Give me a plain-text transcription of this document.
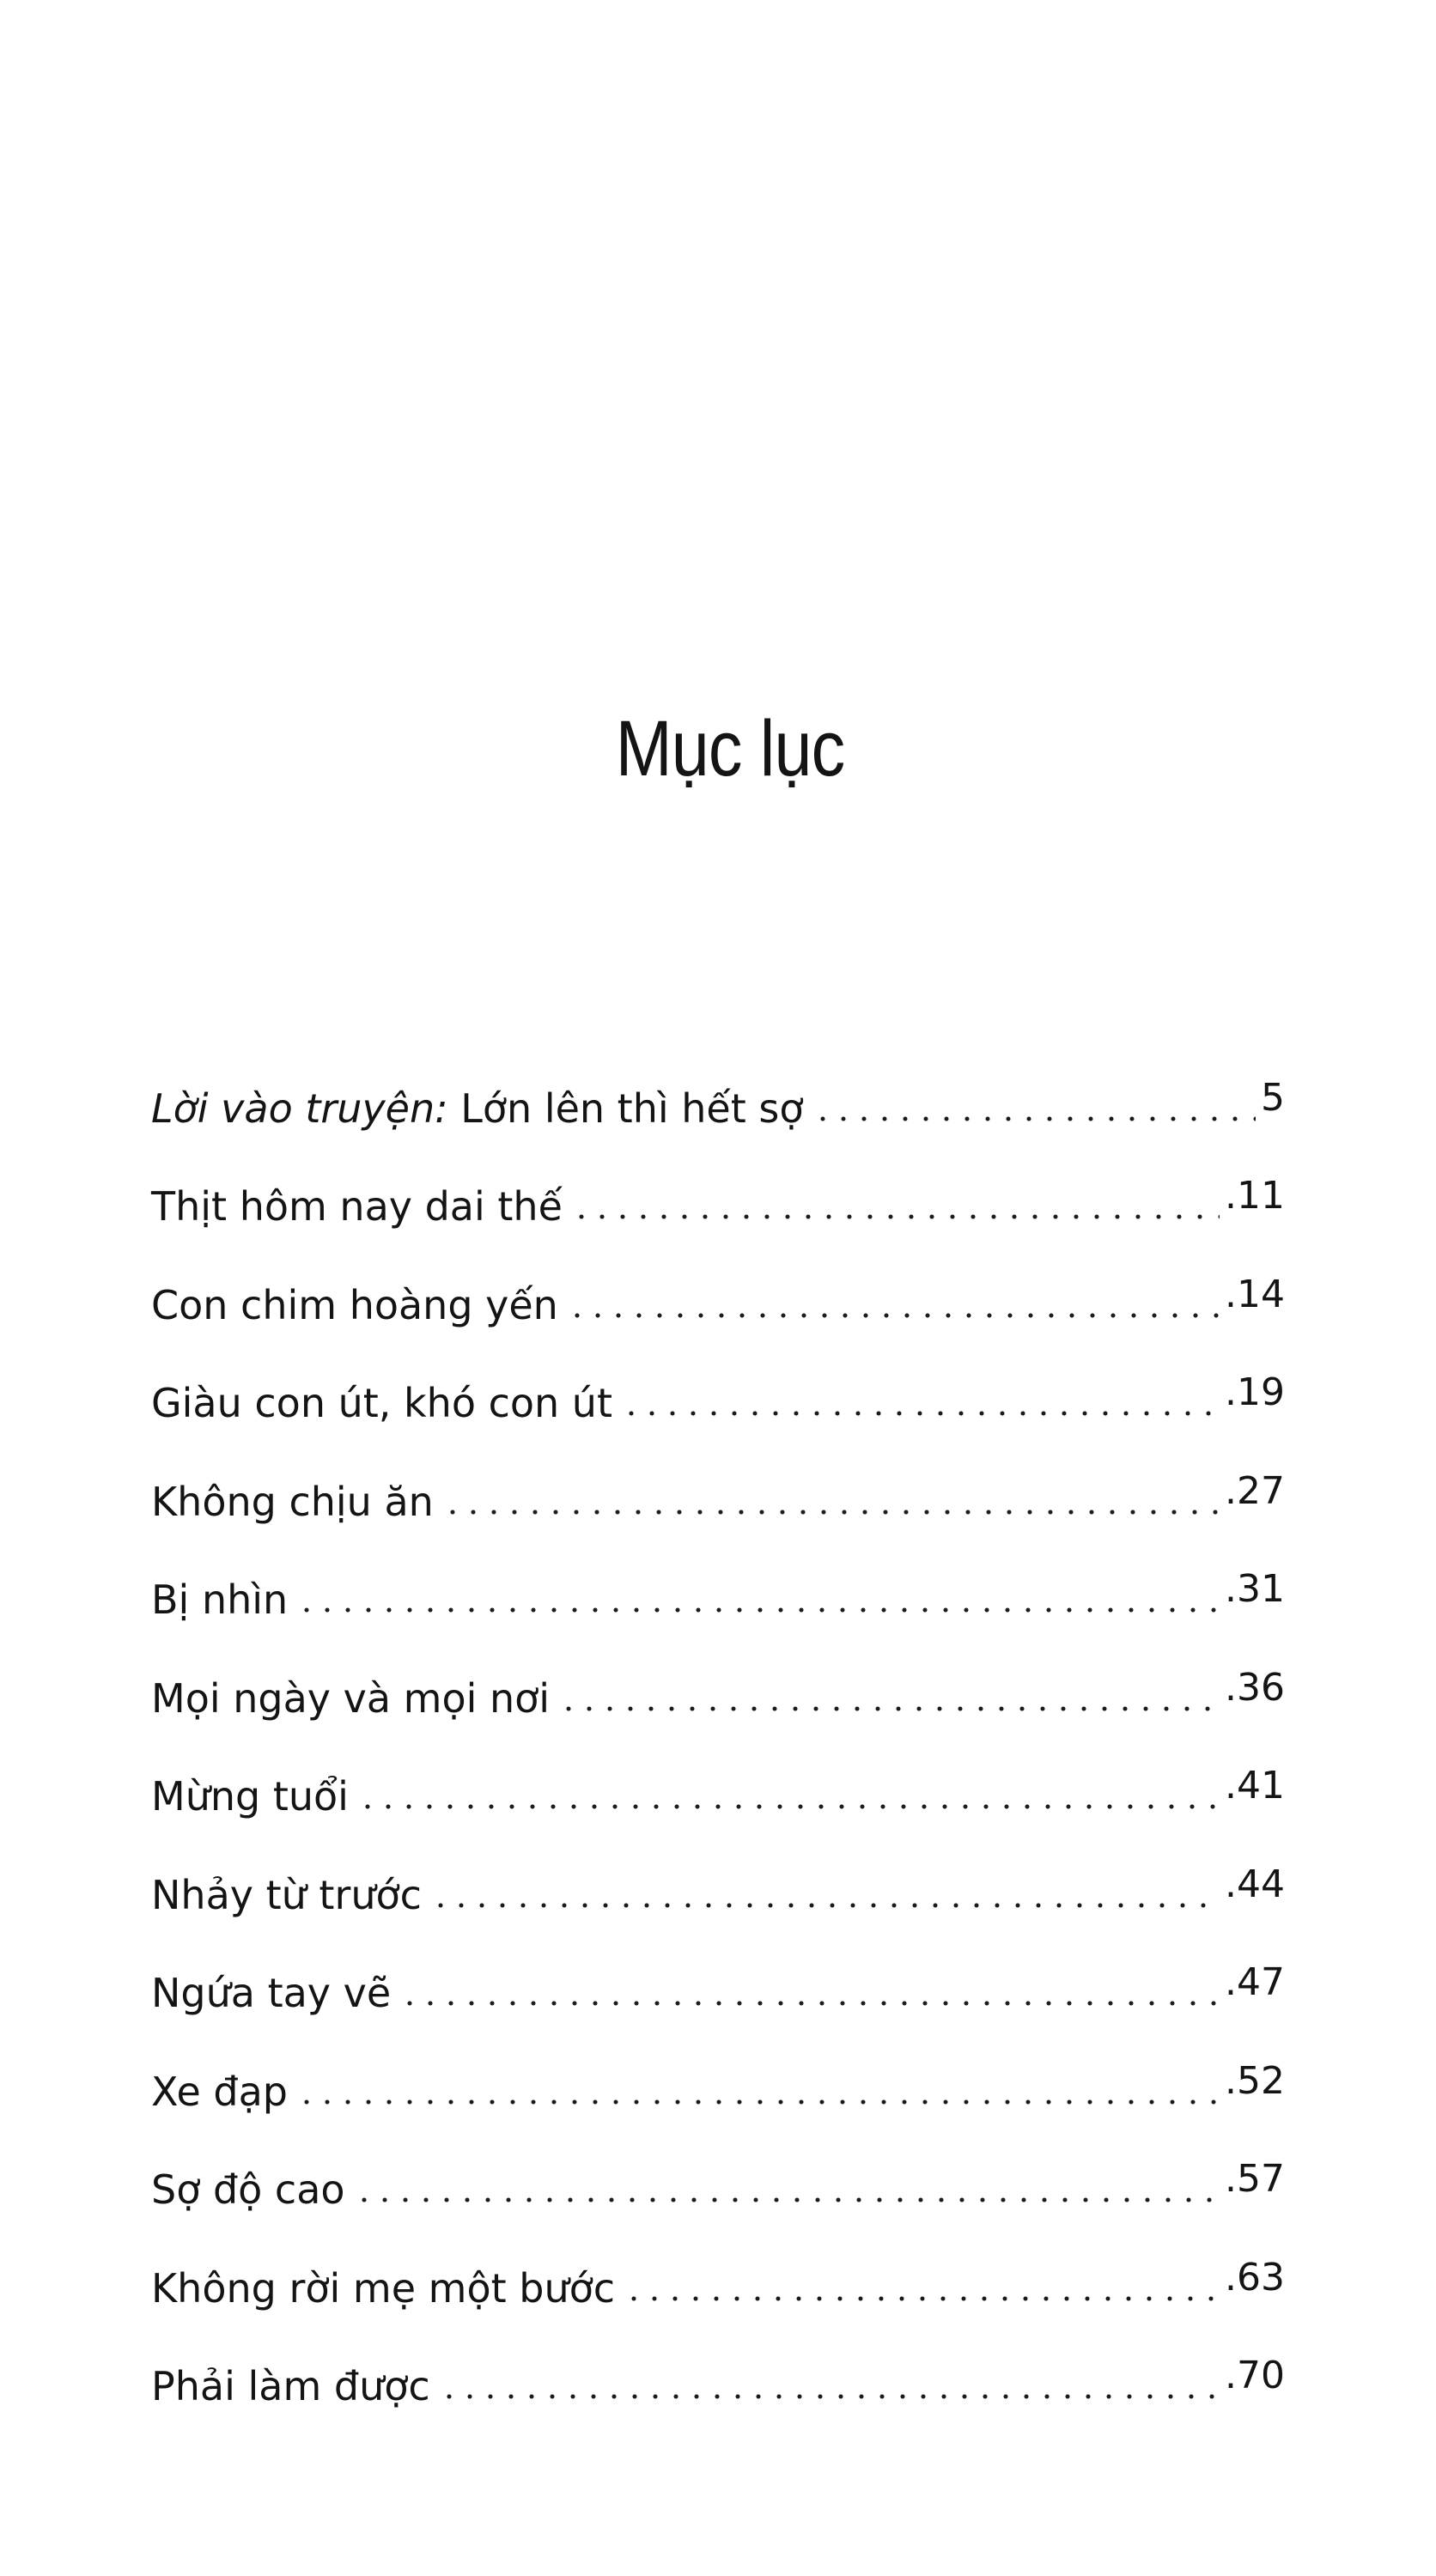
Mục lục
Lời vào truyện: Lớn lên thì hết sợ	5
Thịt hôm nay dai thế	.11
Con chim hoàng yến	.14
Giàu con út, khó con út	.19
Không chịu ăn	.27
Bị nhìn	.31
Mọi ngày và mọi nơi	.36
Mừng tuổi	.41
Nhảy từ trước	.44
Ngứa tay vẽ	.47
Xe đạp	.52
Sợ độ cao	.57
Không rời mẹ một bước	.63
Phải làm được	.70
